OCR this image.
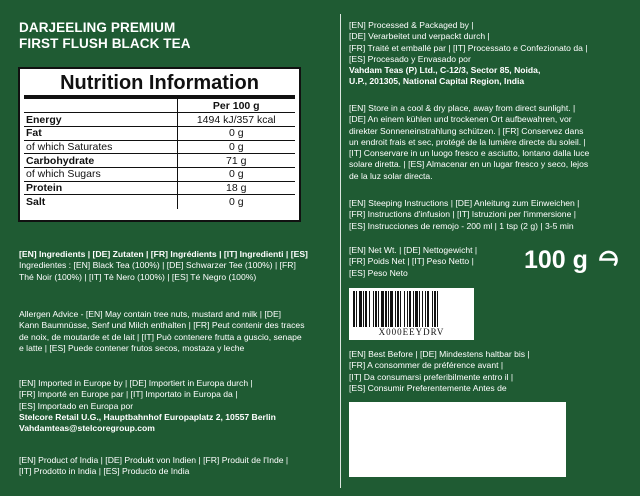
DARJEELING PREMIUM
FIRST FLUSH BLACK TEA
Nutrition Information
	Per 100 g
Energy	1494 kJ/357 kcal
Fat	0 g
of which Saturates	0 g
Carbohydrate	71 g
of which Sugars	0 g
Protein	18 g
Salt	0 g
[EN] Ingredients | [DE] Zutaten | [FR] Ingrédients | [IT] Ingredienti | [ES]
Ingredientes : [EN] Black Tea (100%) | [DE] Schwarzer Tee (100%) | [FR]
Thé Noir (100%) | [IT] Tè Nero (100%) | [ES] Té Negro (100%)
Allergen Advice - [EN] May contain tree nuts, mustard and milk | [DE]
Kann Baumnüsse, Senf und Milch enthalten | [FR] Peut contenir des traces
de noix, de moutarde et de lait | [IT] Può contenere frutta a guscio, senape
e latte | [ES] Puede contener frutos secos, mostaza y leche
[EN] Imported in Europe by | [DE] Importiert in Europa durch |
[FR] Importé en Europe par | [IT] Importato in Europa da |
[ES] Importado en Europa por
Stelcore Retail U.G., Hauptbahnhof Europaplatz 2, 10557 Berlin
Vahdamteas@stelcoregroup.com
[EN] Product of India | [DE] Produkt von Indien | [FR] Produit de l'Inde |
[IT] Prodotto in India | [ES] Producto de India
[EN] Processed & Packaged by |
[DE] Verarbeitet und verpackt durch |
[FR] Traité et emballé par | [IT] Processato e Confezionato da |
[ES] Procesado y Envasado por
Vahdam Teas (P) Ltd., C-12/3, Sector 85, Noida,
U.P., 201305, National Capital Region, India
[EN] Store in a cool & dry place, away from direct sunlight. |
[DE] An einem kühlen und trockenen Ort aufbewahren, vor
direkter Sonneneinstrahlung schützen. | [FR] Conservez dans
un endroit frais et sec, protégé de la lumière directe du soleil. |
[IT] Conservare in un luogo fresco e asciutto, lontano dalla luce
solare diretta. | [ES] Almacenar en un lugar fresco y seco, lejos
de la luz solar directa.
[EN] Steeping Instructions | [DE] Anleitung zum Einweichen |
[FR] Instructions d'infusion | [IT] Istruzioni per l'immersione |
[ES] Instrucciones de remojo - 200 ml | 1 tsp (2 g) | 3-5 min
[EN] Net Wt. | [DE] Nettogewicht |
[FR] Poids Net | [IT] Peso Netto |
[ES] Peso Neto	100 g
X000EEYDRV
[EN] Best Before | [DE] Mindestens haltbar bis |
[FR] A consommer de préférence avant |
[IT] Da consumarsi preferibilmente entro il |
[ES] Consumir Preferentemente Antes de
